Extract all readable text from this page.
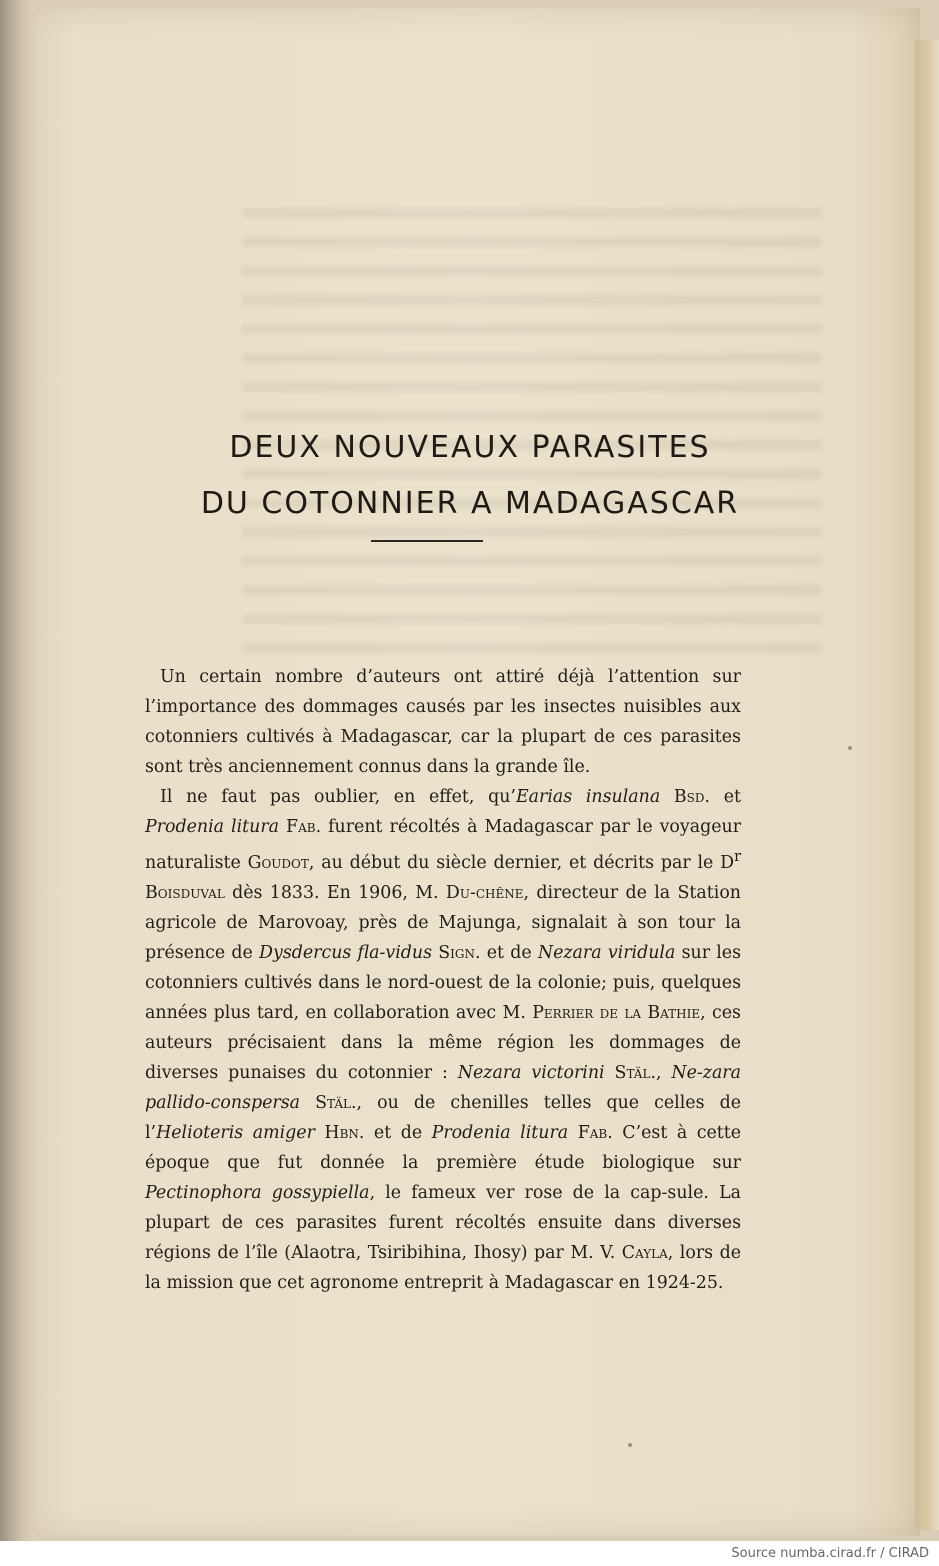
DEUX NOUVEAUX PARASITES
DU COTONNIER A MADAGASCAR

Un certain nombre d’auteurs ont attiré déjà l’attention sur l’importance des dommages causés par les insectes nuisibles aux cotonniers cultivés à Madagascar, car la plupart de ces parasites sont très anciennement connus dans la grande île.

Il ne faut pas oublier, en effet, qu’Earias insulana Bsd. et Prodenia litura Fab. furent récoltés à Madagascar par le voyageur naturaliste Goudot, au début du siècle dernier, et décrits par le $D^r$ Boisduval dès 1833. En 1906, M. Du-chêne, directeur de la Station agricole de Marovoay, près de Majunga, signalait à son tour la présence de Dysdercus fla-vidus Sign. et de Nezara viridula sur les cotonniers cultivés dans le nord-ouest de la colonie; puis, quelques années plus tard, en collaboration avec M. Perrier de la Bathie, ces auteurs précisaient dans la même région les dommages de diverses punaises du cotonnier : Nezara victorini Stäl., Ne-zara pallido-conspersa Stäl., ou de chenilles telles que celles de l’Helioteris amiger Hbn. et de Prodenia litura Fab. C’est à cette époque que fut donnée la première étude biologique sur Pectinophora gossypiella, le fameux ver rose de la cap-sule. La plupart de ces parasites furent récoltés ensuite dans diverses régions de l’île (Alaotra, Tsiribihina, Ihosy) par M. V. Cayla, lors de la mission que cet agronome entreprit à Madagascar en 1924-25.

Source numba.cirad.fr / CIRAD
